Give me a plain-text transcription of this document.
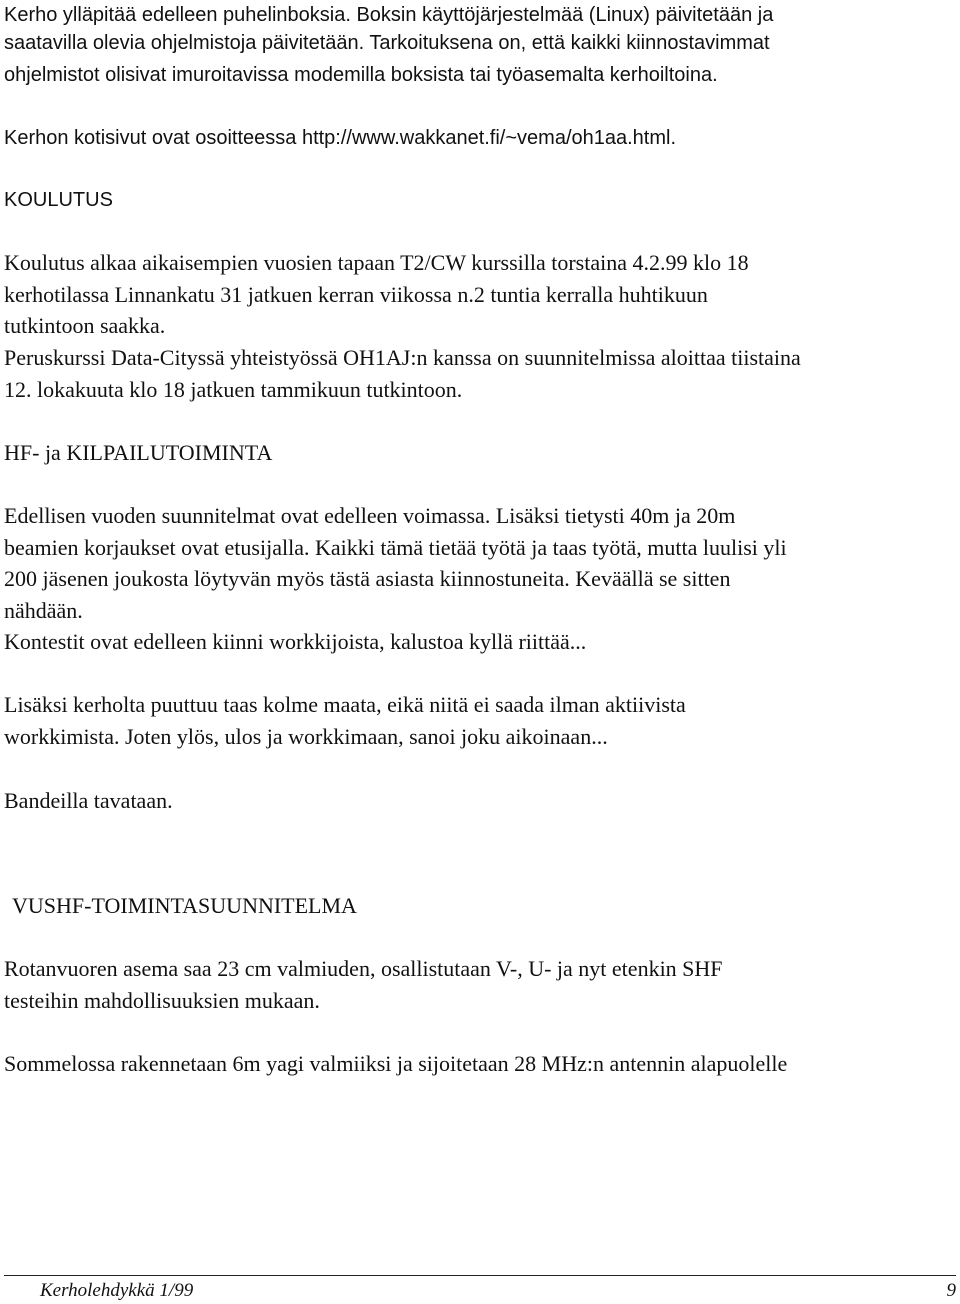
Kerho ylläpitää edelleen puhelinboksia. Boksin käyttöjärjestelmää (Linux) päivitetään ja
saatavilla olevia ohjelmistoja päivitetään. Tarkoituksena on, että kaikki kiinnostavimmat
ohjelmistot olisivat imuroitavissa modemilla boksista tai työasemalta kerhoiltoina.
Kerhon kotisivut ovat osoitteessa http://www.wakkanet.fi/~vema/oh1aa.html.
KOULUTUS
Koulutus alkaa aikaisempien vuosien tapaan T2/CW kurssilla torstaina 4.2.99 klo 18
kerhotilassa Linnankatu 31 jatkuen kerran viikossa n.2 tuntia kerralla huhtikuun
tutkintoon saakka.
Peruskurssi Data-Cityssä yhteistyössä OH1AJ:n kanssa on suunnitelmissa aloittaa tiistaina
12. lokakuuta klo 18 jatkuen tammikuun tutkintoon.
HF- ja KILPAILUTOIMINTA
Edellisen vuoden suunnitelmat ovat edelleen voimassa. Lisäksi tietysti 40m ja 20m
beamien korjaukset ovat etusijalla. Kaikki tämä tietää työtä ja taas työtä, mutta luulisi yli
200 jäsenen joukosta löytyvän myös tästä asiasta kiinnostuneita. Keväällä se sitten
nähdään.
Kontestit ovat edelleen kiinni workkijoista, kalustoa kyllä riittää...
Lisäksi kerholta puuttuu taas kolme maata, eikä niitä ei saada ilman aktiivista
workkimista. Joten ylös, ulos ja workkimaan, sanoi joku aikoinaan...
Bandeilla tavataan.
VUSHF-TOIMINTASUUNNITELMA
Rotanvuoren asema saa 23 cm valmiuden, osallistutaan V-, U- ja nyt etenkin SHF
testeihin mahdollisuuksien mukaan.
Sommelossa rakennetaan 6m yagi valmiiksi ja sijoitetaan 28 MHz:n antennin alapuolelle
Kerholehdykkä 1/99	9
